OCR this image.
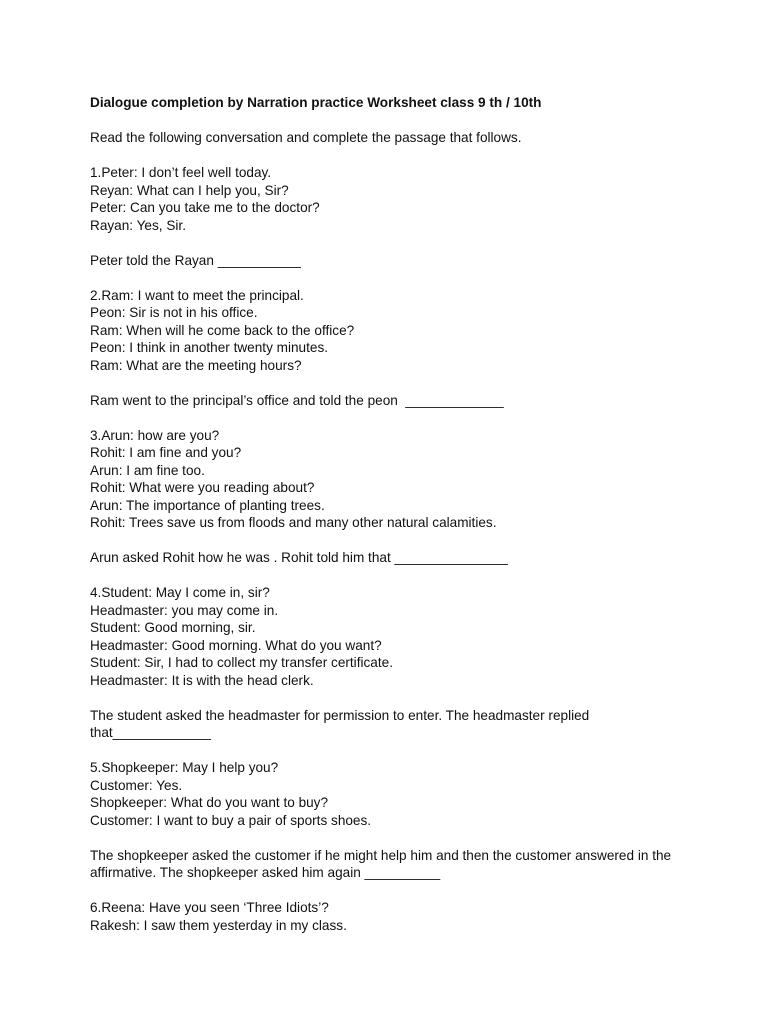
Dialogue completion by Narration practice Worksheet class 9 th / 10th

Read the following conversation and complete the passage that follows.

1.Peter: I don’t feel well today.

Reyan: What can I help you, Sir?

Peter: Can you take me to the doctor?

Rayan: Yes, Sir.

Peter told the Rayan ___________

2.Ram: I want to meet the principal.

Peon: Sir is not in his office.

Ram: When will he come back to the office?

Peon: I think in another twenty minutes.

Ram: What are the meeting hours?

Ram went to the principal’s office and told the peon  _____________

3.Arun: how are you?

Rohit: I am fine and you?

Arun: I am fine too.

Rohit: What were you reading about?

Arun: The importance of planting trees.

Rohit: Trees save us from floods and many other natural calamities.

Arun asked Rohit how he was . Rohit told him that _______________

4.Student: May I come in, sir?

Headmaster: you may come in.

Student: Good morning, sir.

Headmaster: Good morning. What do you want?

Student: Sir, I had to collect my transfer certificate.

Headmaster: It is with the head clerk.

The student asked the headmaster for permission to enter. The headmaster replied that_____________

5.Shopkeeper: May I help you?

Customer: Yes.

Shopkeeper: What do you want to buy?

Customer: I want to buy a pair of sports shoes.

The shopkeeper asked the customer if he might help him and then the customer answered in the affirmative. The shopkeeper asked him again __________

6.Reena: Have you seen ‘Three Idiots’?

Rakesh: I saw them yesterday in my class.
